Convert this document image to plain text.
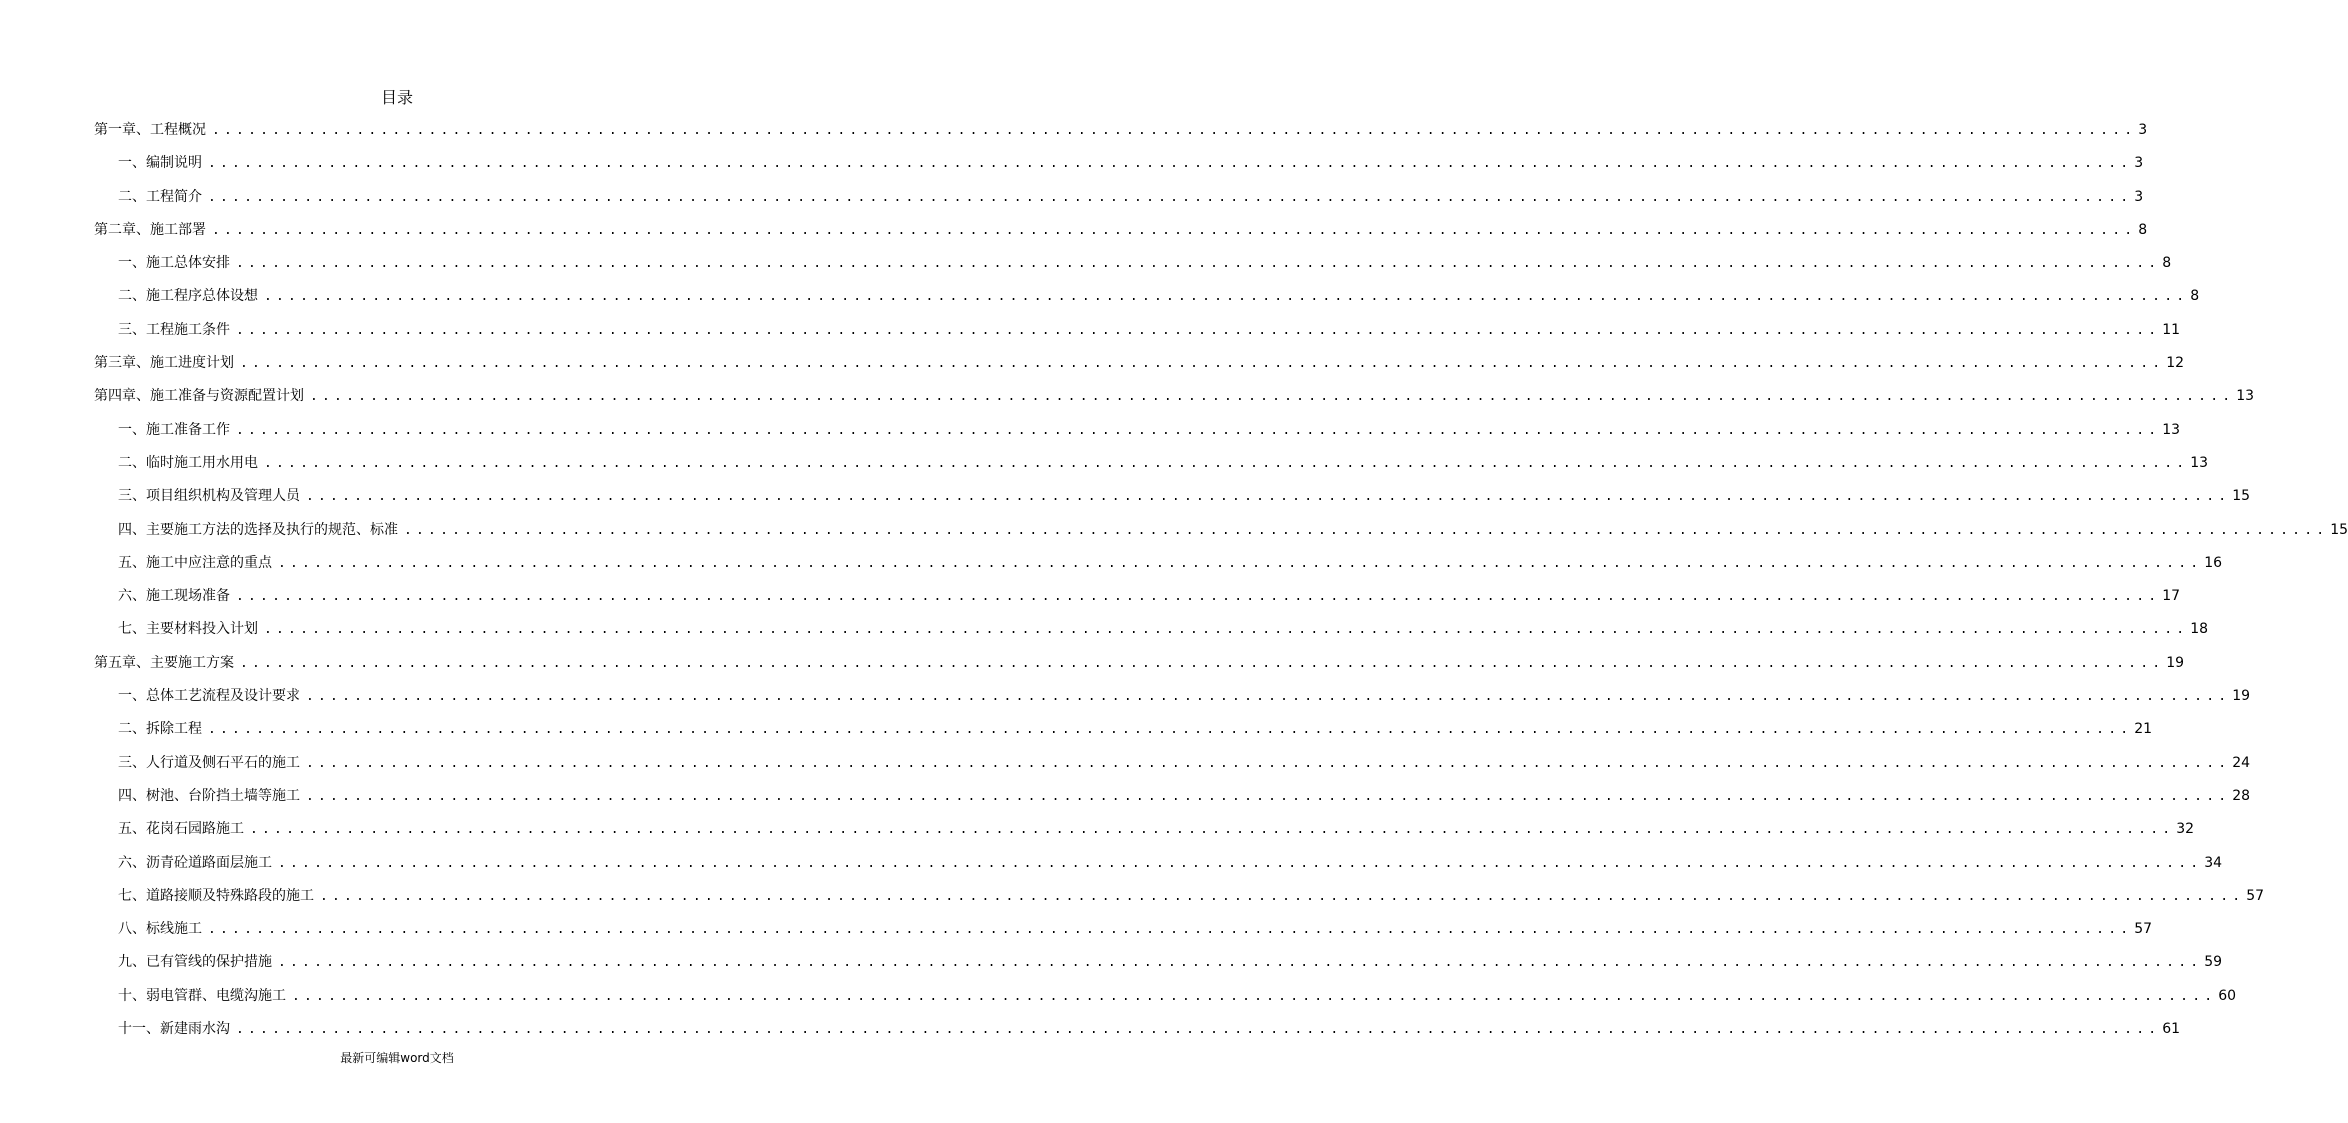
目录
第一章、工程概况 ................................................................................................................................................................ 3
一、编制说明 ................................................................................................................................................................ 3
二、工程简介 ................................................................................................................................................................ 3
第二章、施工部署 ................................................................................................................................................................ 8
一、施工总体安排 ................................................................................................................................................................ 8
二、施工程序总体设想 ................................................................................................................................................................ 8
三、工程施工条件 ................................................................................................................................................................ 11
第三章、施工进度计划 ................................................................................................................................................................ 12
第四章、施工准备与资源配置计划 ................................................................................................................................................................ 13
一、施工准备工作 ................................................................................................................................................................ 13
二、临时施工用水用电 ................................................................................................................................................................ 13
三、项目组织机构及管理人员 ................................................................................................................................................................ 15
四、主要施工方法的选择及执行的规范、标准 ................................................................................................................................................................ 15
五、施工中应注意的重点 ................................................................................................................................................................ 16
六、施工现场准备 ................................................................................................................................................................ 17
七、主要材料投入计划 ................................................................................................................................................................ 18
第五章、主要施工方案 ................................................................................................................................................................ 19
一、总体工艺流程及设计要求 ................................................................................................................................................................ 19
二、拆除工程 ................................................................................................................................................................ 21
三、人行道及侧石平石的施工 ................................................................................................................................................................ 24
四、树池、台阶挡土墙等施工 ................................................................................................................................................................ 28
五、花岗石园路施工 ................................................................................................................................................................ 32
六、沥青砼道路面层施工 ................................................................................................................................................................ 34
七、道路接顺及特殊路段的施工 ................................................................................................................................................................ 57
八、标线施工 ................................................................................................................................................................ 57
九、已有管线的保护措施 ................................................................................................................................................................ 59
十、弱电管群、电缆沟施工 ................................................................................................................................................................ 60
十一、新建雨水沟 ................................................................................................................................................................ 61
最新可编辑word文档
